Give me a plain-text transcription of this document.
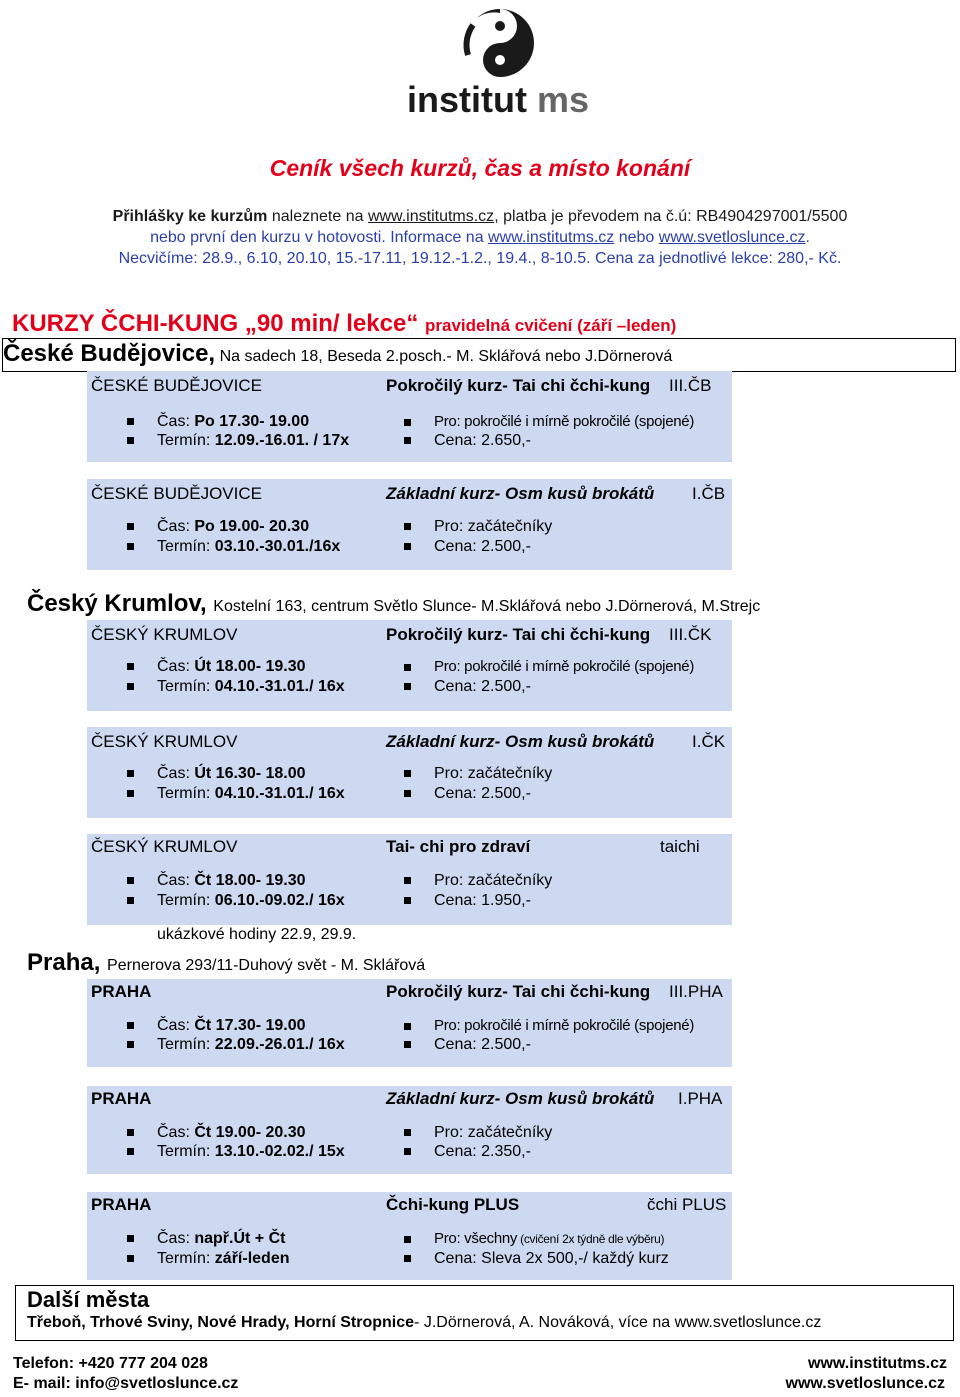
institut ms
Ceník všech kurzů, čas a místo konání
Přihlášky ke kurzům naleznete na www.institutms.cz, platba je převodem na č.ú: RB4904297001/5500
nebo první den kurzu v hotovosti. Informace na www.institutms.cz nebo www.svetloslunce.cz.
Necvičíme: 28.9., 6.10, 20.10, 15.-17.11, 19.12.-1.2., 19.4., 8-10.5. Cena za jednotlivé lekce: 280,- Kč.
KURZY ČCHI-KUNG „90 min/ lekce“ pravidelná cvičení (září –leden)
České Budějovice, Na sadech 18, Beseda 2.posch.- M. Sklářová nebo J.Dörnerová
ČESKÉ BUDĚJOVICE	Pokročilý kurz- Tai chi čchi-kung III.ČB
Čas: Po 17.30- 19.00
Termín: 12.09.-16.01. / 17x
Pro: pokročilé i mírně pokročilé (spojené)
Cena: 2.650,-
ČESKÉ BUDĚJOVICE	Základní kurz- Osm kusů brokátů I.ČB
Čas: Po 19.00- 20.30
Termín: 03.10.-30.01./16x
Pro: začátečníky
Cena: 2.500,-
Český Krumlov, Kostelní 163, centrum Světlo Slunce- M.Sklářová nebo J.Dörnerová, M.Strejc
ČESKÝ KRUMLOV	Pokročilý kurz- Tai chi čchi-kung III.ČK
Čas: Út 18.00- 19.30
Termín: 04.10.-31.01./ 16x
Pro: pokročilé i mírně pokročilé (spojené)
Cena: 2.500,-
ČESKÝ KRUMLOV	Základní kurz- Osm kusů brokátů I.ČK
Čas: Út 16.30- 18.00
Termín: 04.10.-31.01./ 16x
Pro: začátečníky
Cena: 2.500,-
ČESKÝ KRUMLOV	Tai- chi pro zdraví	taichi
Čas: Čt 18.00- 19.30
Termín: 06.10.-09.02./ 16x
Pro: začátečníky
Cena: 1.950,-
ukázkové hodiny 22.9, 29.9.
Praha, Pernerova 293/11-Duhový svět - M. Sklářová
PRAHA	Pokročilý kurz- Tai chi čchi-kung III.PHA
Čas: Čt 17.30- 19.00
Termín: 22.09.-26.01./ 16x
Pro: pokročilé i mírně pokročilé (spojené)
Cena: 2.500,-
PRAHA	Základní kurz- Osm kusů brokátů I.PHA
Čas: Čt 19.00- 20.30
Termín: 13.10.-02.02./ 15x
Pro: začátečníky
Cena: 2.350,-
PRAHA	Čchi-kung PLUS	čchi PLUS
Čas: např.Út + Čt
Termín: září-leden
Pro: všechny (cvičení 2x týdně dle výběru)
Cena: Sleva 2x 500,-/ každý kurz
Další města
Třeboň, Trhové Sviny, Nové Hrady, Horní Stropnice- J.Dörnerová, A. Nováková, více na www.svetloslunce.cz
Telefon: +420 777 204 028
E- mail: info@svetloslunce.cz
www.institutms.cz
www.svetloslunce.cz
